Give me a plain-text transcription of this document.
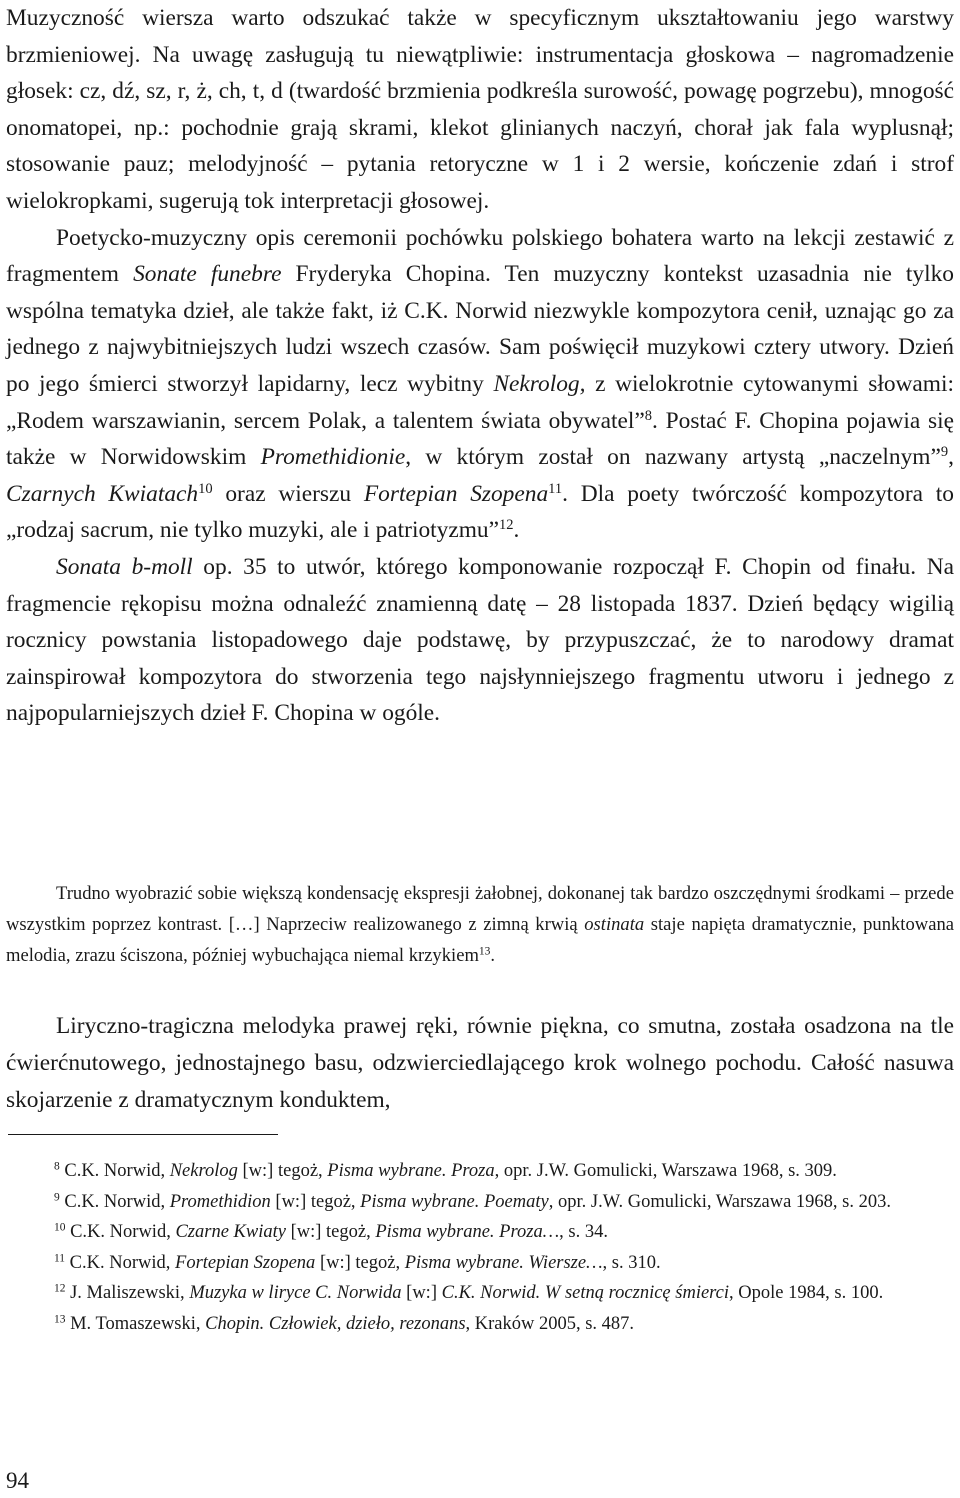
Muzyczność wiersza warto odszukać także w specyficznym ukształtowaniu jego warstwy brzmieniowej. Na uwagę zasługują tu niewątpliwie: instrumentacja głoskowa – nagromadzenie głosek: cz, dź, sz, r, ż, ch, t, d (twardość brzmienia podkreśla surowość, powagę pogrzebu), mnogość onomatopei, np.: pochodnie grają skrami, klekot glinianych naczyń, chorał jak fala wyplusnął; stosowanie pauz; melodyjność – pytania retoryczne w 1 i 2 wersie, kończenie zdań i strof wielokropkami, sugerują tok interpretacji głosowej.

Poetycko-muzyczny opis ceremonii pochówku polskiego bohatera warto na lekcji zestawić z fragmentem Sonate funebre Fryderyka Chopina. Ten muzyczny kontekst uzasadnia nie tylko wspólna tematyka dzieł, ale także fakt, iż C.K. Norwid niezwykle kompozytora cenił, uznając go za jednego z najwybitniejszych ludzi wszech czasów. Sam poświęcił muzykowi cztery utwory. Dzień po jego śmierci stworzył lapidarny, lecz wybitny Nekrolog, z wielokrotnie cytowanymi słowami: „Rodem warszawianin, sercem Polak, a talentem świata obywatel”$^8$. Postać F. Chopina pojawia się także w Norwidowskim Promethidionie, w którym został on nazwany artystą „naczelnym”$^9$, Czarnych Kwiatach$^{10}$ oraz wierszu Fortepian Szopena$^{11}$. Dla poety twórczość kompozytora to „rodzaj sacrum, nie tylko muzyki, ale i patriotyzmu”$^{12}$.

Sonata b-moll op. 35 to utwór, którego komponowanie rozpoczął F. Chopin od finału. Na fragmencie rękopisu można odnaleźć znamienną datę – 28 listopada 1837. Dzień będący wigilią rocznicy powstania listopadowego daje podstawę, by przypuszczać, że to narodowy dramat zainspirował kompozytora do stworzenia tego najsłynniejszego fragmentu utworu i jednego z najpopularniejszych dzieł F. Chopina w ogóle.

Trudno wyobrazić sobie większą kondensację ekspresji żałobnej, dokonanej tak bardzo oszczędnymi środkami – przede wszystkim poprzez kontrast. […] Naprzeciw realizowanego z zimną krwią ostinata staje napięta dramatycznie, punktowana melodia, zrazu ściszona, później wybuchająca niemal krzykiem$^{13}$.
Liryczno-tragiczna melodyka prawej ręki, równie piękna, co smutna, została osadzona na tle ćwierćnutowego, jednostajnego basu, odzwierciedlającego krok wolnego pochodu. Całość nasuwa skojarzenie z dramatycznym konduktem,

$^8$ C.K. Norwid, Nekrolog [w:] tegoż, Pisma wybrane. Proza, opr. J.W. Gomulicki, Warszawa 1968, s. 309.

$^9$ C.K. Norwid, Promethidion [w:] tegoż, Pisma wybrane. Poematy, opr. J.W. Gomulicki, Warszawa 1968, s. 203.

$^{10}$ C.K. Norwid, Czarne Kwiaty [w:] tegoż, Pisma wybrane. Proza…, s. 34.

$^{11}$ C.K. Norwid, Fortepian Szopena [w:] tegoż, Pisma wybrane. Wiersze…, s. 310.

$^{12}$ J. Maliszewski, Muzyka w liryce C. Norwida [w:] C.K. Norwid. W setną rocznicę śmierci, Opole 1984, s. 100.

$^{13}$ M. Tomaszewski, Chopin. Człowiek, dzieło, rezonans, Kraków 2005, s. 487.

94
